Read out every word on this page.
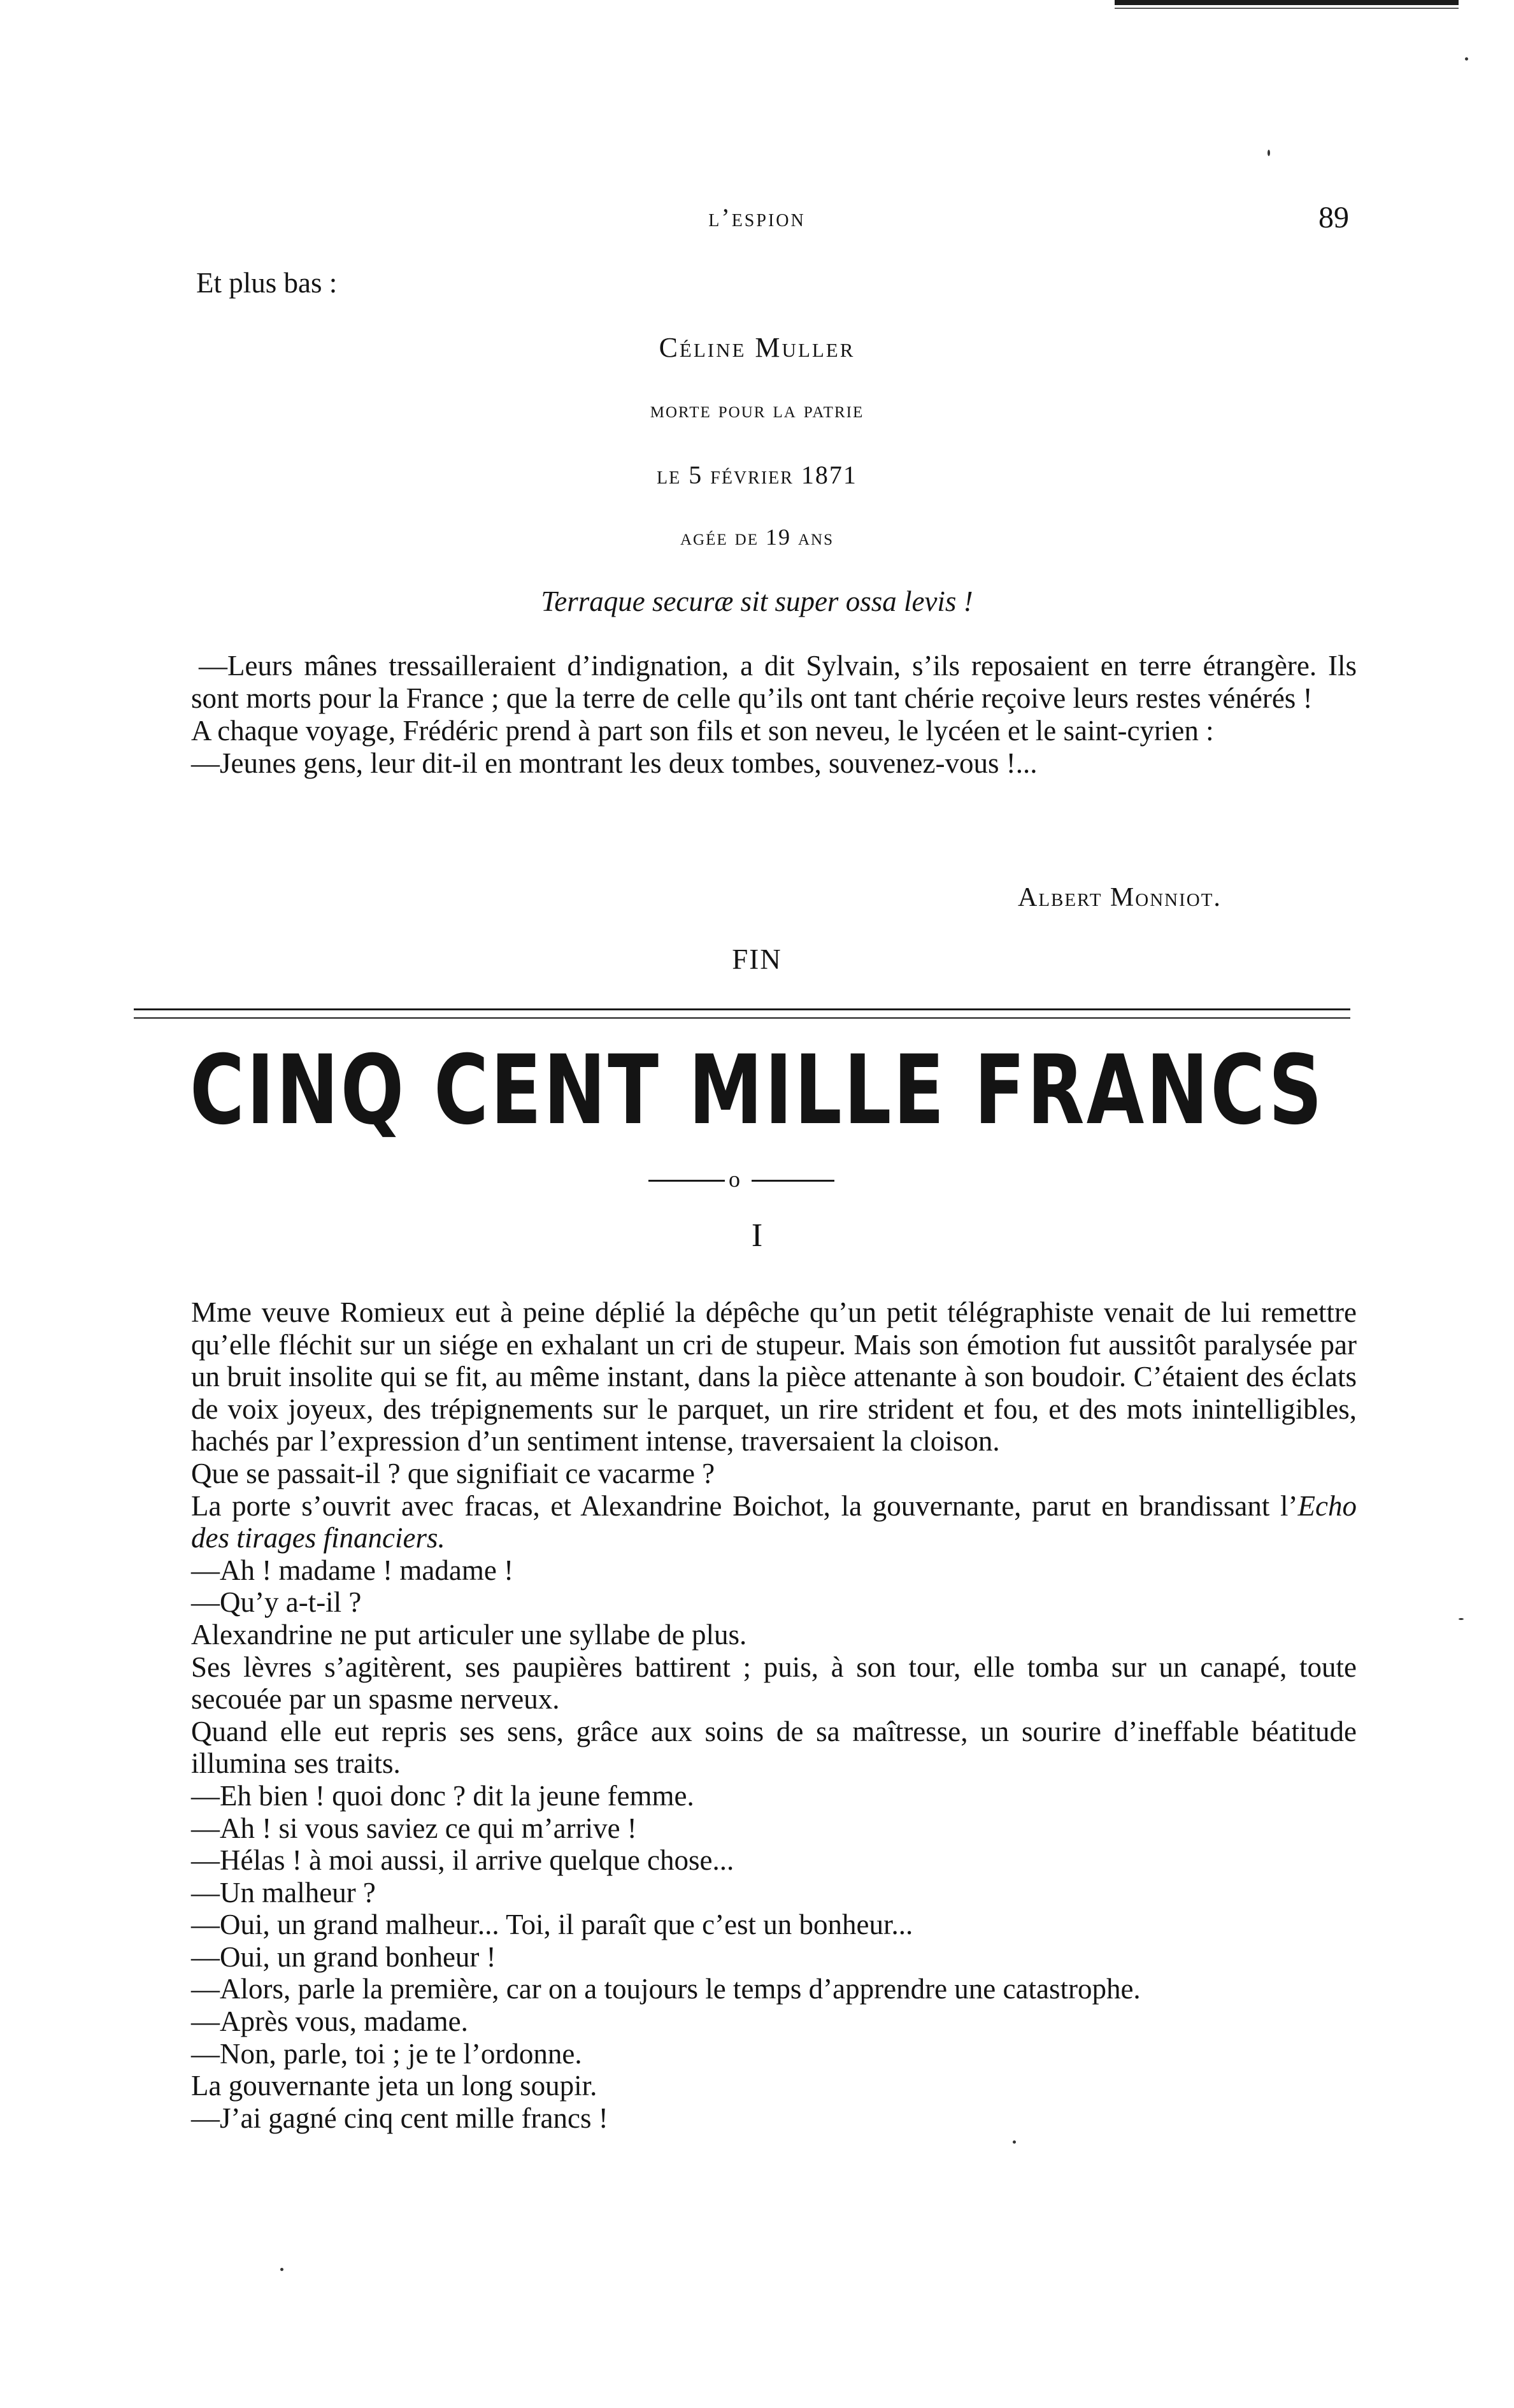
l’espion	89
Et plus bas :
Céline Muller
morte pour la patrie
le 5 février 1871
agée de 19 ans
Terraque securæ sit super ossa levis !

—Leurs mânes tressailleraient d’indignation, a dit Sylvain, s’ils reposaient en terre étrangère. Ils sont morts pour la France ; que la terre de celle qu’ils ont tant chérie reçoive leurs restes vénérés !

A chaque voyage, Frédéric prend à part son fils et son neveu, le lycéen et le saint-cyrien :

—Jeunes gens, leur dit-il en montrant les deux tombes, souvenez-vous !...

Albert Monniot.
FIN
CINQ CENT MILLE FRANCS
o
I

Mme veuve Romieux eut à peine déplié la dépêche qu’un petit télégraphiste venait de lui remettre qu’elle fléchit sur un siége en exhalant un cri de stupeur. Mais son émotion fut aussitôt paralysée par un bruit insolite qui se fit, au même instant, dans la pièce attenante à son boudoir. C’étaient des éclats de voix joyeux, des trépignements sur le parquet, un rire strident et fou, et des mots inintelligibles, hachés par l’expression d’un sentiment intense, traversaient la cloison.

Que se passait-il ? que signifiait ce vacarme ?

La porte s’ouvrit avec fracas, et Alexandrine Boichot, la gouvernante, parut en brandissant l’Echo des tirages financiers.

—Ah ! madame ! madame !

—Qu’y a-t-il ?

Alexandrine ne put articuler une syllabe de plus.

Ses lèvres s’agitèrent, ses paupières battirent ; puis, à son tour, elle tomba sur un canapé, toute secouée par un spasme nerveux.

Quand elle eut repris ses sens, grâce aux soins de sa maîtresse, un sourire d’ineffable béatitude illumina ses traits.

—Eh bien ! quoi donc ? dit la jeune femme.

—Ah ! si vous saviez ce qui m’arrive !

—Hélas ! à moi aussi, il arrive quelque chose...

—Un malheur ?

—Oui, un grand malheur... Toi, il paraît que c’est un bonheur...

—Oui, un grand bonheur !

—Alors, parle la première, car on a toujours le temps d’apprendre une catastrophe.

—Après vous, madame.

—Non, parle, toi ; je te l’ordonne.

La gouvernante jeta un long soupir.

—J’ai gagné cinq cent mille francs !
